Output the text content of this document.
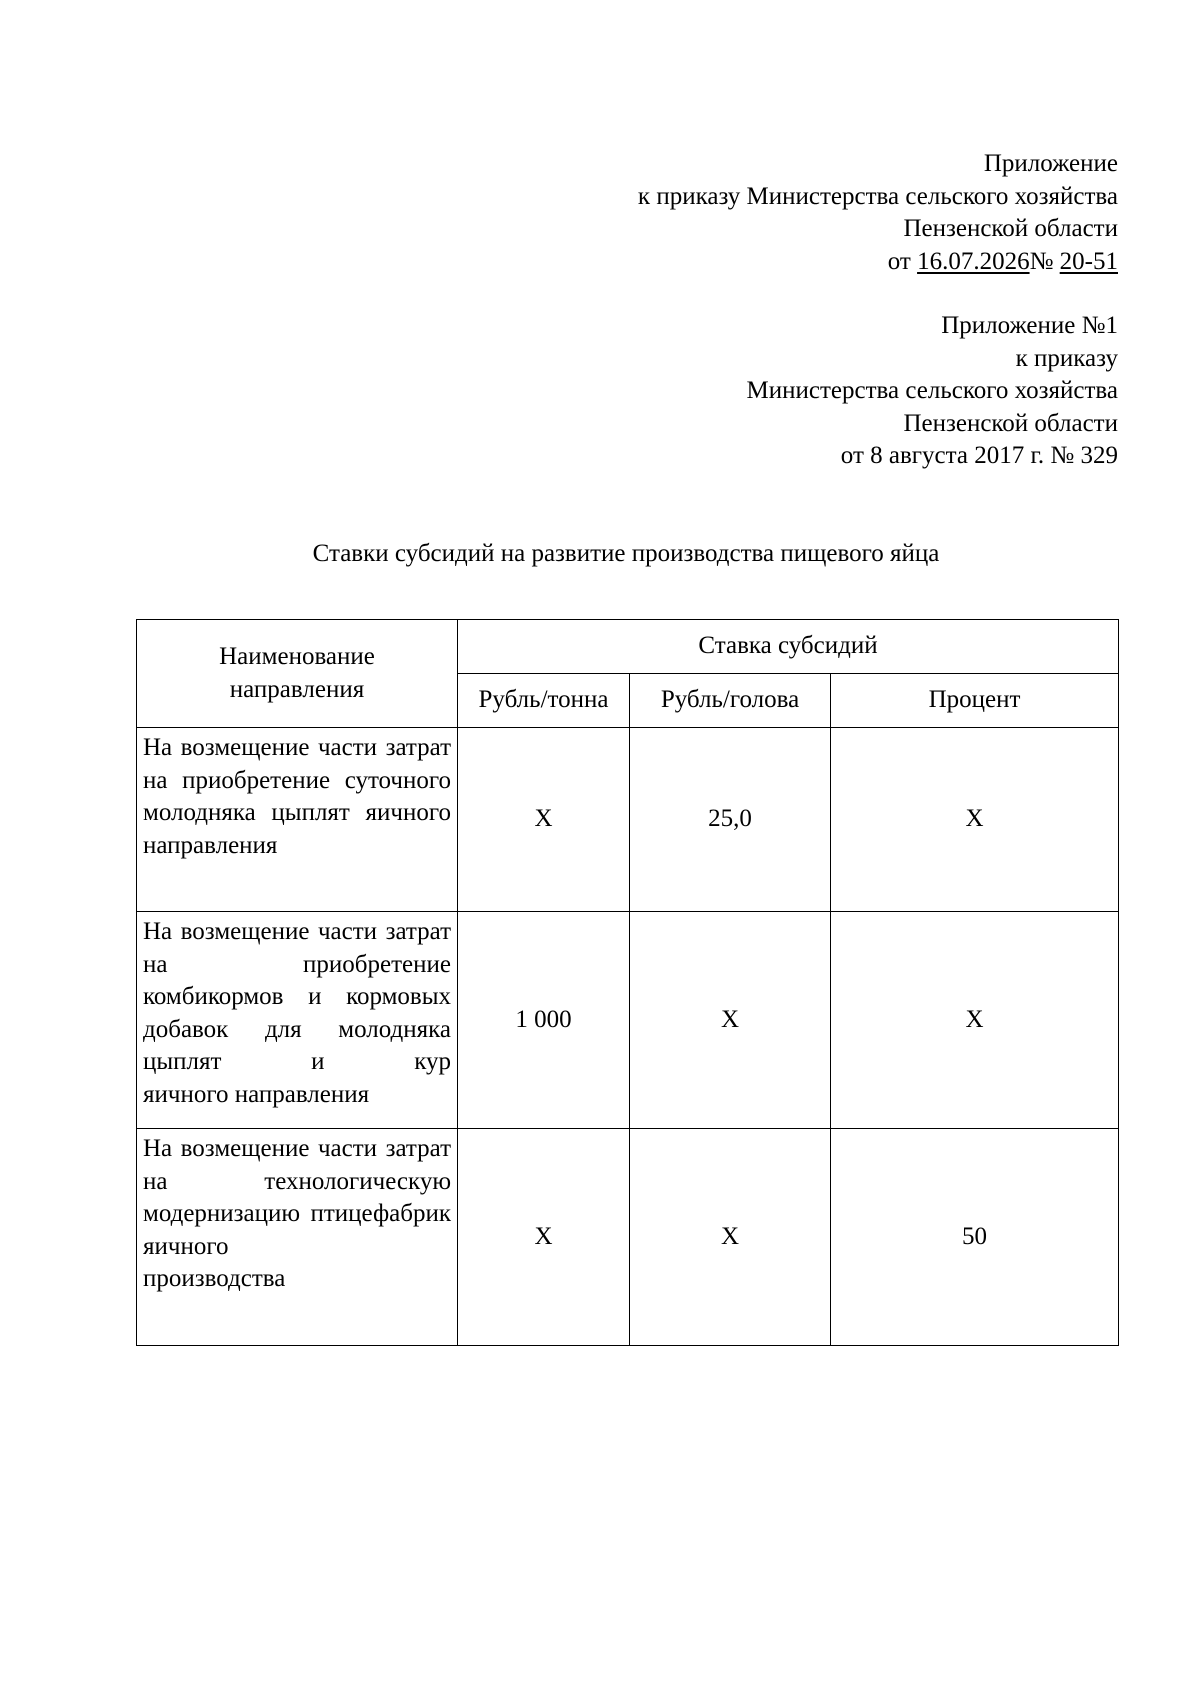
Приложение
к приказу Министерства сельского хозяйства
Пензенской области
от 16.07.2026№ 20-51
Приложение №1
к приказу
Министерства сельского хозяйства
Пензенской области
от 8 августа 2017 г. № 329
Ставки субсидий на развитие производства пищевого яйца
Наименование направления	Ставка субсидий		
	Рубль/тонна	Рубль/голова	Процент
На возмещение части затрат на приобретение суточного молодняка цыплят яичного
направления	Х	25,0	Х
На возмещение части затрат на приобретение комбикормов и кормовых добавок для молодняка цыплят и кур
яичного направления	1 000	Х	Х
На возмещение части затрат на технологическую модернизацию птицефабрик яичного
производства	Х	Х	50
